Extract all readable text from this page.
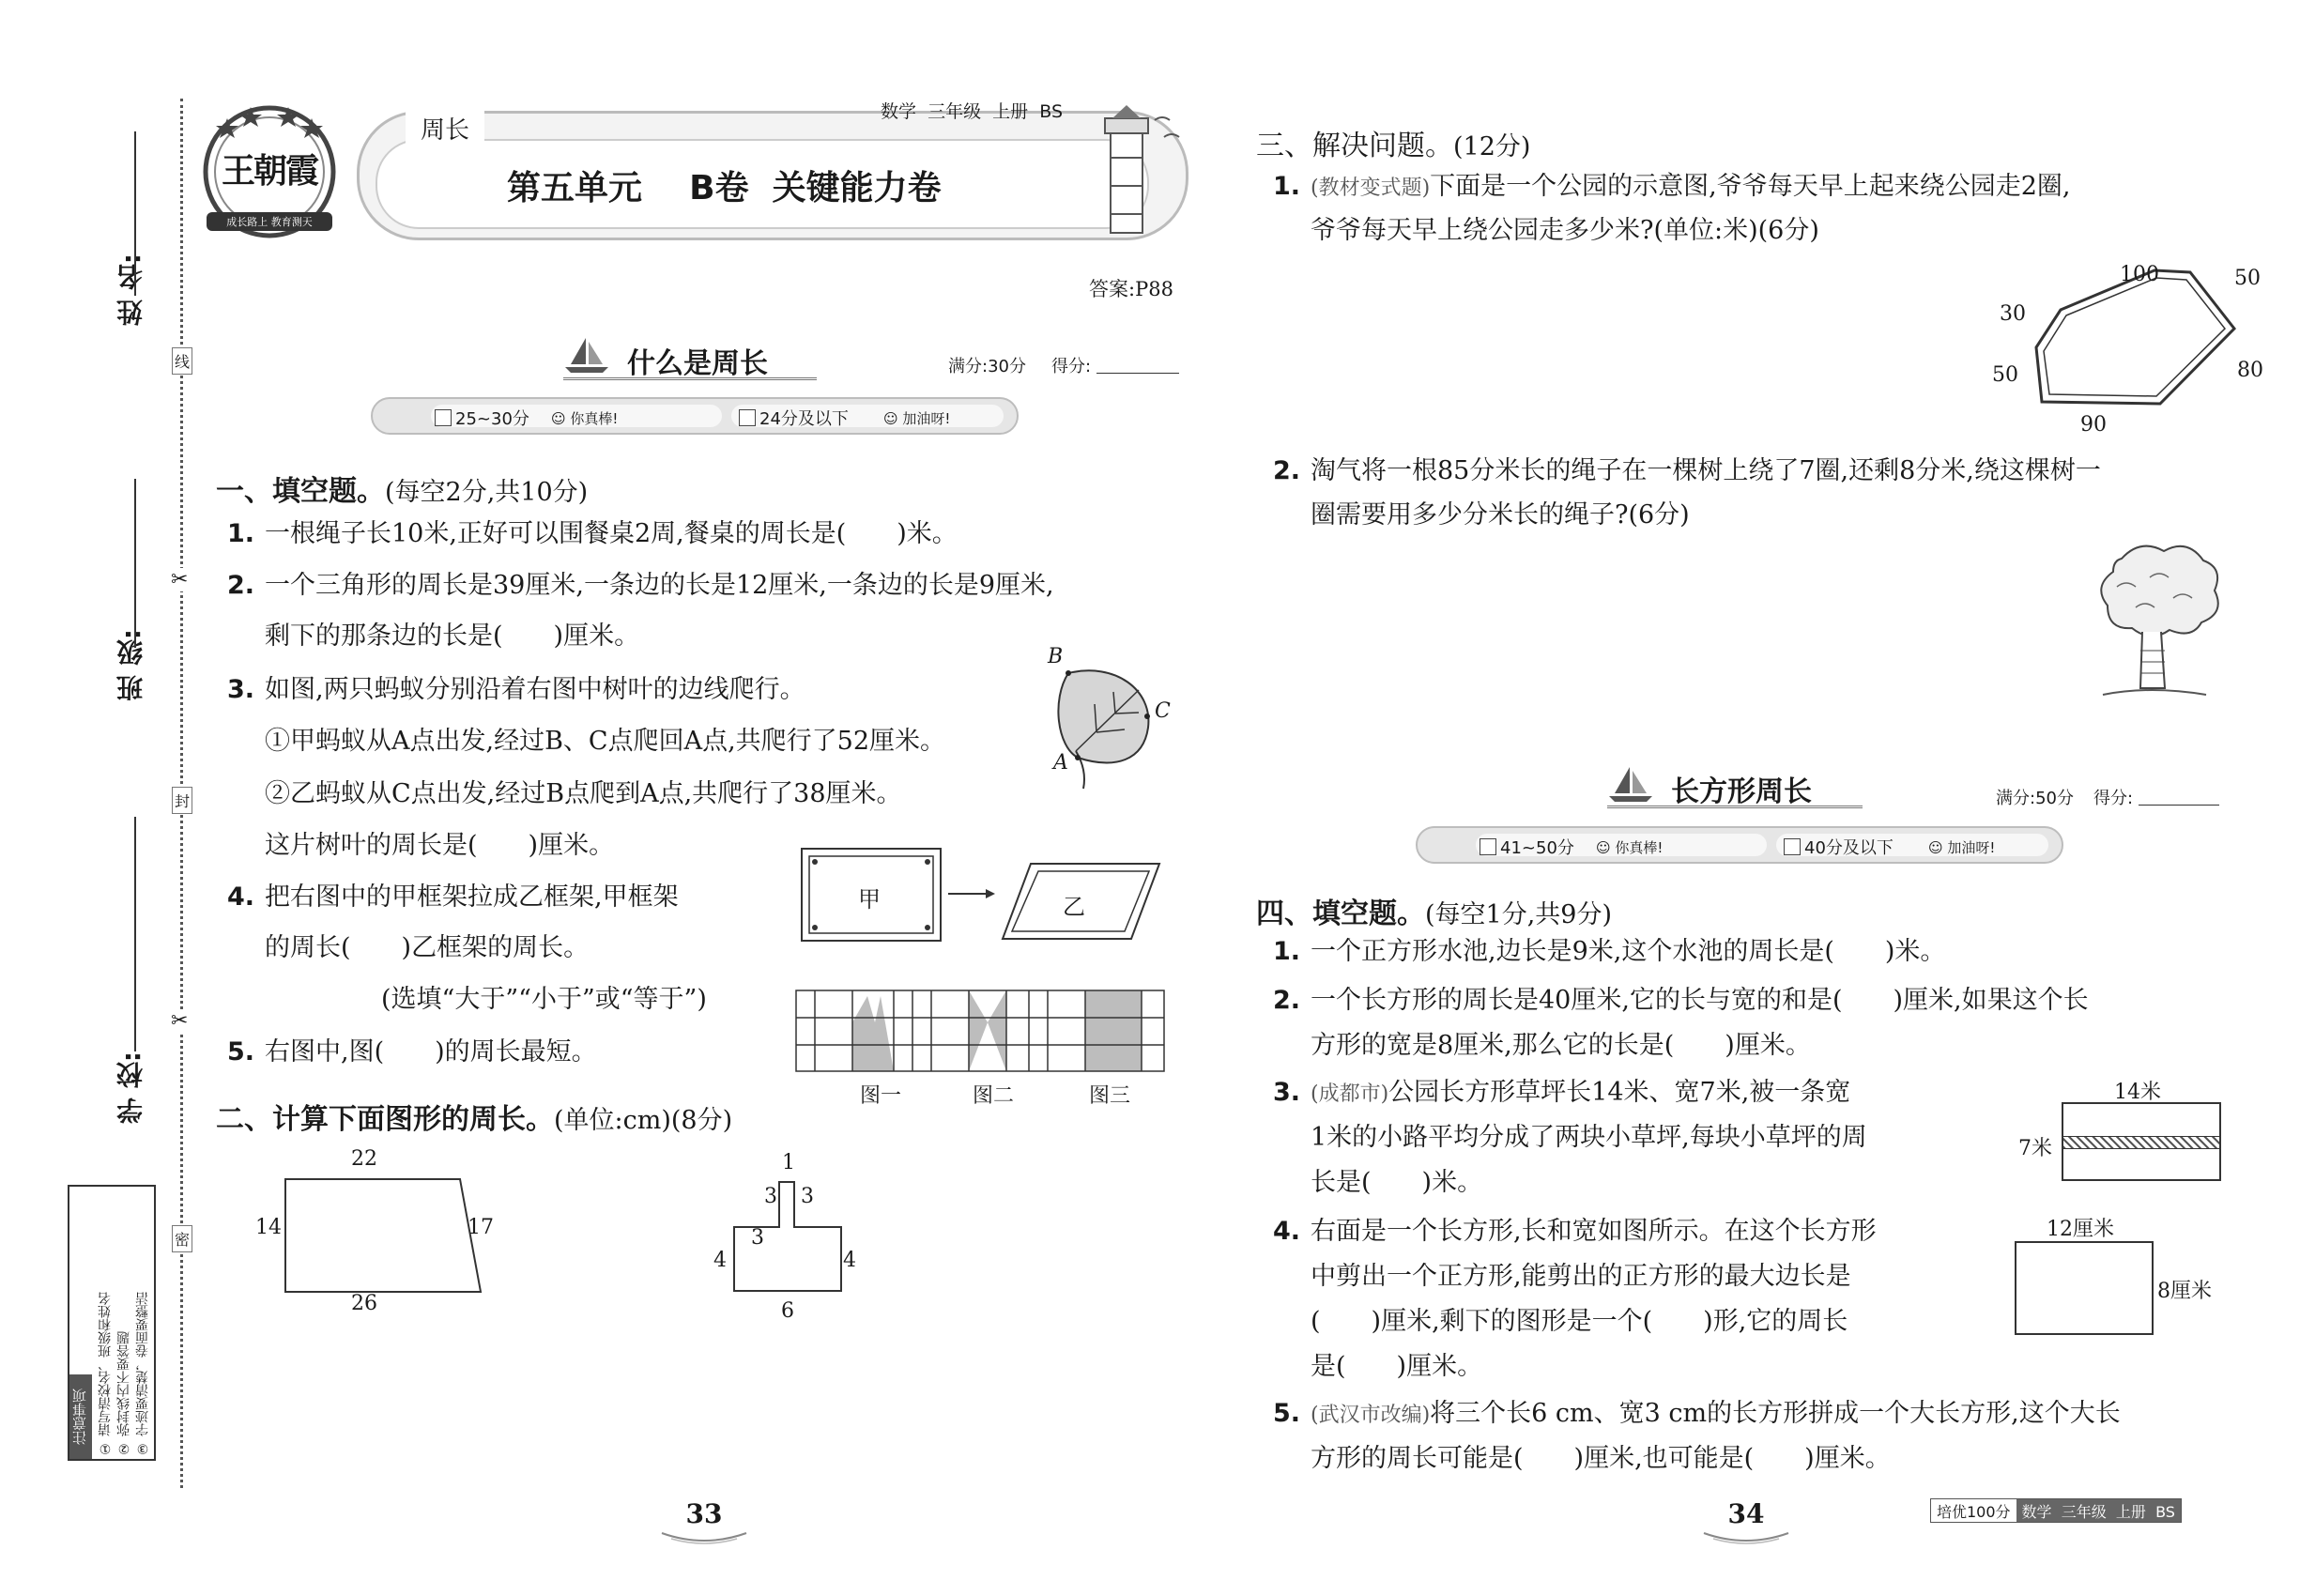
姓 名:
班 级:
学 校:
线
✂
封
✂
密
注意事项 ① 请写清校名、班级和姓名 ② 弥封线内不要答题 ③ 字迹要清楚，卷面要整洁
王朝霞
成长路上 教育测天
周长
数学  三年级  上册  BS
第五单元    B卷  关键能力卷
答案:P88
什么是周长	满分:30分 得分:
25~30分 ☺ 你真棒!	24分及以下 ☺ 加油呀!
一、填空题。(每空2分,共10分)
1. 一根绳子长10米,正好可以围餐桌2周,餐桌的周长是(　　)米。
2. 一个三角形的周长是39厘米,一条边的长是12厘米,一条边的长是9厘米,
剩下的那条边的长是(　　)厘米。
3. 如图,两只蚂蚁分别沿着右图中树叶的边线爬行。
①甲蚂蚁从A点出发,经过B、C点爬回A点,共爬行了52厘米。
②乙蚂蚁从C点出发,经过B点爬到A点,共爬行了38厘米。
这片树叶的周长是(　　)厘米。
B
C
A
4. 把右图中的甲框架拉成乙框架,甲框架
的周长(　　)乙框架的周长。
(选填“大于”“小于”或“等于”)
甲	乙
5. 右图中,图(　　)的周长最短。
图一	图二	图三
二、计算下面图形的周长。(单位:cm)(8分)
22
14	17
26
1
3 3
3
4	4
6
三、解决问题。(12分)
1. (教材变式题)下面是一个公园的示意图,爷爷每天早上起来绕公园走2圈,
爷爷每天早上绕公园走多少米?(单位:米)(6分)
100	50
30
50	80
90
2. 淘气将一根85分米长的绳子在一棵树上绕了7圈,还剩8分米,绕这棵树一
圈需要用多少分米长的绳子?(6分)
长方形周长	满分:50分 得分:
41~50分 ☺ 你真棒!	40分及以下 ☺ 加油呀!
四、填空题。(每空1分,共9分)
1. 一个正方形水池,边长是9米,这个水池的周长是(　　)米。
2. 一个长方形的周长是40厘米,它的长与宽的和是(　　)厘米,如果这个长
方形的宽是8厘米,那么它的长是(　　)厘米。
3. (成都市)公园长方形草坪长14米、宽7米,被一条宽
1米的小路平均分成了两块小草坪,每块小草坪的周
长是(　　)米。
14米
7米
4. 右面是一个长方形,长和宽如图所示。在这个长方形
中剪出一个正方形,能剪出的正方形的最大边长是
(　　)厘米,剩下的图形是一个(　　)形,它的周长
是(　　)厘米。
12厘米
8厘米
5. (武汉市改编)将三个长6 cm、宽3 cm的长方形拼成一个大长方形,这个大长
方形的周长可能是(　　)厘米,也可能是(　　)厘米。
33	34	培优100分 数学  三年级  上册  BS
